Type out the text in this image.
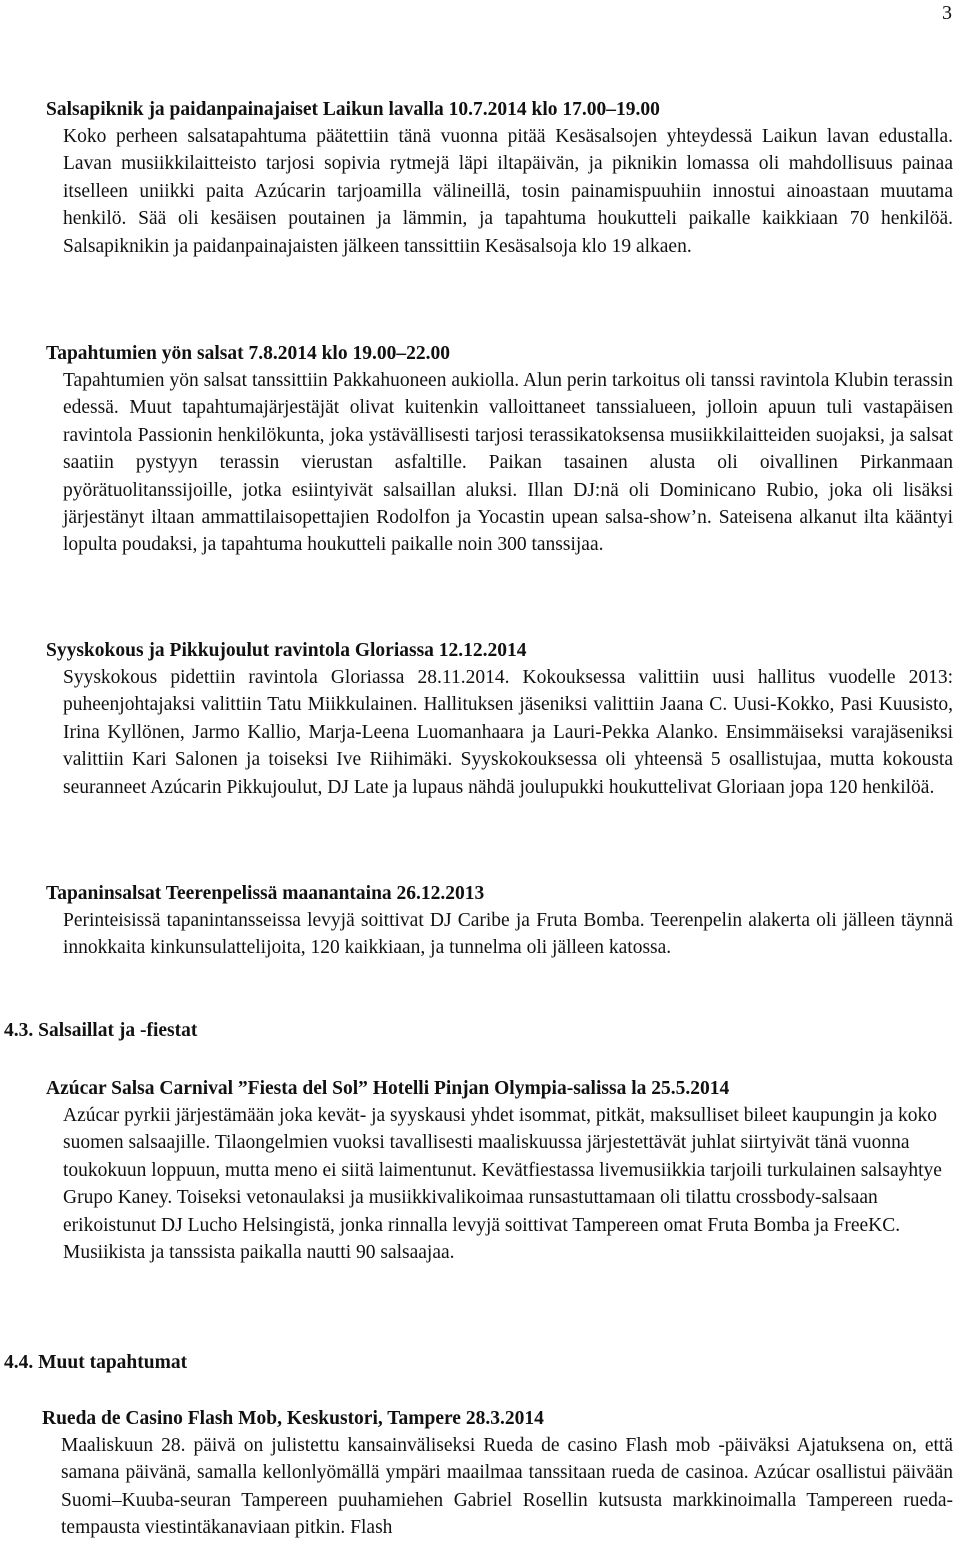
3
Salsapiknik ja paidanpainajaiset Laikun lavalla 10.7.2014 klo 17.00–19.00
Koko perheen salsatapahtuma päätettiin tänä vuonna pitää Kesäsalsojen yhteydessä Laikun lavan edustalla. Lavan musiikkilaitteisto tarjosi sopivia rytmejä läpi iltapäivän, ja piknikin lomassa oli mahdollisuus painaa itselleen uniikki paita Azúcarin tarjoamilla välineillä, tosin painamispuuhiin innostui ainoastaan muutama henkilö. Sää oli kesäisen poutainen ja lämmin, ja tapahtuma houkutteli paikalle kaikkiaan 70 henkilöä. Salsapiknikin ja paidanpainajaisten jälkeen tanssittiin Kesäsalsoja klo 19 alkaen.
Tapahtumien yön salsat 7.8.2014 klo 19.00–22.00
Tapahtumien yön salsat tanssittiin Pakkahuoneen aukiolla. Alun perin tarkoitus oli tanssi ravintola Klubin terassin edessä. Muut tapahtumajärjestäjät olivat kuitenkin valloittaneet tanssialueen, jolloin apuun tuli vastapäisen ravintola Passionin henkilökunta, joka ystävällisesti tarjosi terassikatoksensa musiikkilaitteiden suojaksi, ja salsat saatiin pystyyn terassin vierustan asfaltille. Paikan tasainen alusta oli oivallinen Pirkanmaan pyörätuolitanssijoille, jotka esiintyivät salsaillan aluksi. Illan DJ:nä oli Dominicano Rubio, joka oli lisäksi järjestänyt iltaan ammattilaisopettajien Rodolfon ja Yocastin upean salsa-show’n. Sateisena alkanut ilta kääntyi lopulta poudaksi, ja tapahtuma houkutteli paikalle noin 300 tanssijaa.
Syyskokous ja Pikkujoulut ravintola Gloriassa 12.12.2014
Syyskokous pidettiin ravintola Gloriassa 28.11.2014. Kokouksessa valittiin uusi hallitus vuodelle 2013: puheenjohtajaksi valittiin Tatu Miikkulainen. Hallituksen jäseniksi valittiin Jaana C. Uusi-Kokko, Pasi Kuusisto, Irina Kyllönen, Jarmo Kallio, Marja-Leena Luomanhaara ja Lauri-Pekka Alanko. Ensimmäiseksi varajäseniksi valittiin Kari Salonen ja toiseksi Ive Riihimäki. Syyskokouksessa oli yhteensä 5 osallistujaa, mutta kokousta seuranneet Azúcarin Pikkujoulut, DJ Late ja lupaus nähdä joulupukki houkuttelivat Gloriaan jopa 120 henkilöä.
Tapaninsalsat Teerenpelissä maanantaina 26.12.2013
Perinteisissä tapanintansseissa levyjä soittivat DJ Caribe ja Fruta Bomba. Teerenpelin alakerta oli jälleen täynnä innokkaita kinkunsulattelijoita, 120 kaikkiaan, ja tunnelma oli jälleen katossa.
4.3. Salsaillat ja -fiestat
Azúcar Salsa Carnival ”Fiesta del Sol” Hotelli Pinjan Olympia-salissa la 25.5.2014
Azúcar pyrkii järjestämään joka kevät- ja syyskausi yhdet isommat, pitkät, maksulliset bileet kaupungin ja koko suomen salsaajille. Tilaongelmien vuoksi tavallisesti maaliskuussa järjestettävät juhlat siirtyivät tänä vuonna toukokuun loppuun, mutta meno ei siitä laimentunut. Kevätfiestassa livemusiikkia tarjoili turkulainen salsayhtye Grupo Kaney. Toiseksi vetonaulaksi ja musiikkivalikoimaa runsastuttamaan oli tilattu crossbody-salsaan erikoistunut DJ Lucho Helsingistä, jonka rinnalla levyjä soittivat Tampereen omat Fruta Bomba ja FreeKC. Musiikista ja tanssista paikalla nautti 90 salsaajaa.
4.4. Muut tapahtumat
Rueda de Casino Flash Mob, Keskustori, Tampere 28.3.2014
Maaliskuun 28. päivä on julistettu kansainväliseksi Rueda de casino Flash mob -päiväksi Ajatuksena on, että samana päivänä, samalla kellonlyömällä ympäri maailmaa tanssitaan rueda de casinoa. Azúcar osallistui päivään Suomi–Kuuba-seuran Tampereen puuhamiehen Gabriel Rosellin kutsusta markkinoimalla Tampereen rueda-tempausta viestintäkanaviaan pitkin. Flash
